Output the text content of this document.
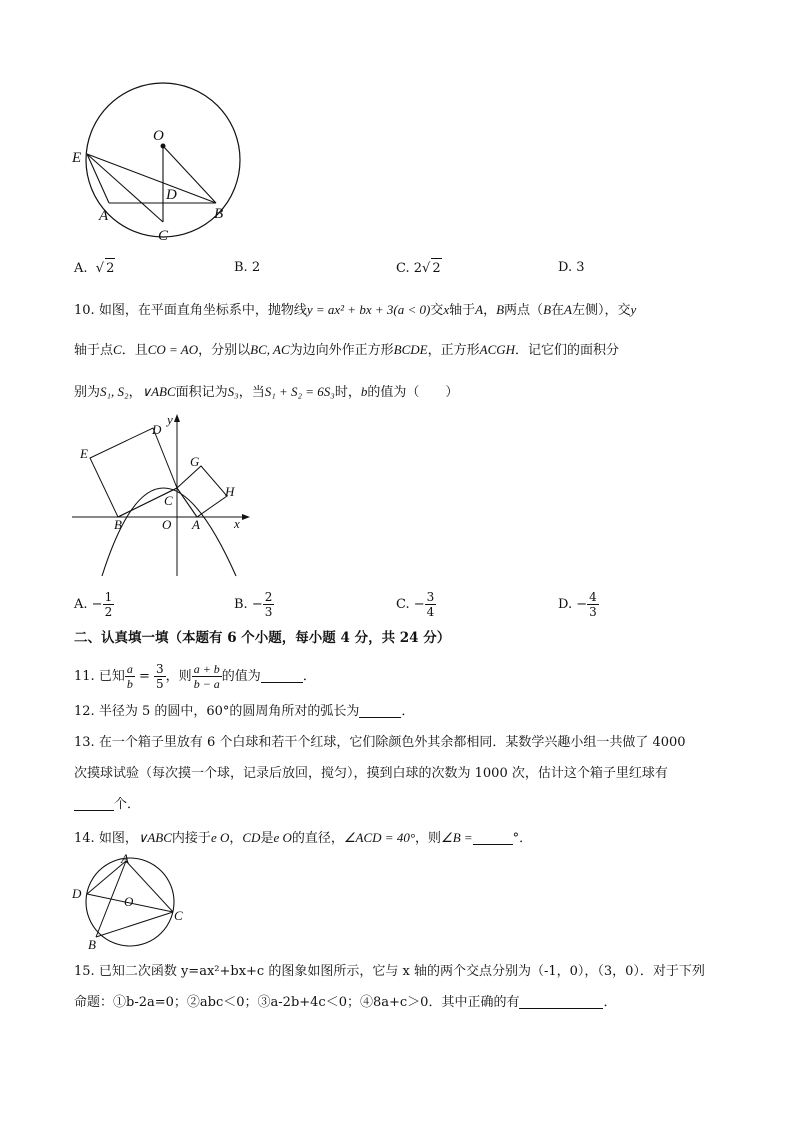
O
E
D
A	B
C
A. √ 2	B. 2	C. 2√ 2	D. 3
10. 如图，在平面直角坐标系中，抛物线y = ax² + bx + 3(a < 0)交x轴于A，B两点（B在A左侧），交y
轴于点C．且CO = AO，分别以BC, AC为边向外作正方形BCDE，正方形ACGH．记它们的面积分
别为S₁, S₂，∨ABC面积记为S₃，当S₁ + S₂ = 6S₃时，b的值为（　　）
y
x
D
E
G
H
C
B	O A
A. − $\frac{1}{2}$	B. − $\frac{2}{3}$	C. − $\frac{3}{4}$	D. − $\frac{4}{3}$
二、认真填一填（本题有 6 个小题，每小题 4 分，共 24 分）
11. 已知 $\frac{a}{b} = \frac{3}{5}$ ，则 $\frac{a + b}{b - a}$ 的值为	．
12. 半径为 5 的圆中，60°的圆周角所对的弧长为	．
13. 在一个箱子里放有 6 个白球和若干个红球，它们除颜色外其余都相同．某数学兴趣小组一共做了 4000
次摸球试验（每次摸一个球，记录后放回，搅匀），摸到白球的次数为 1000 次，估计这个箱子里红球有
个．
14. 如图，∨ABC内接于e O，CD是e O的直径，∠ACD = 40°，则∠B =	°．
A
D
O
C
B
15. 已知二次函数 y=ax²+bx+c 的图象如图所示，它与 x 轴的两个交点分别为（-1，0），（3，0）．对于下列
命题：①b-2a=0；②abc＜0；③a-2b+4c＜0；④8a+c＞0．其中正确的有	．
